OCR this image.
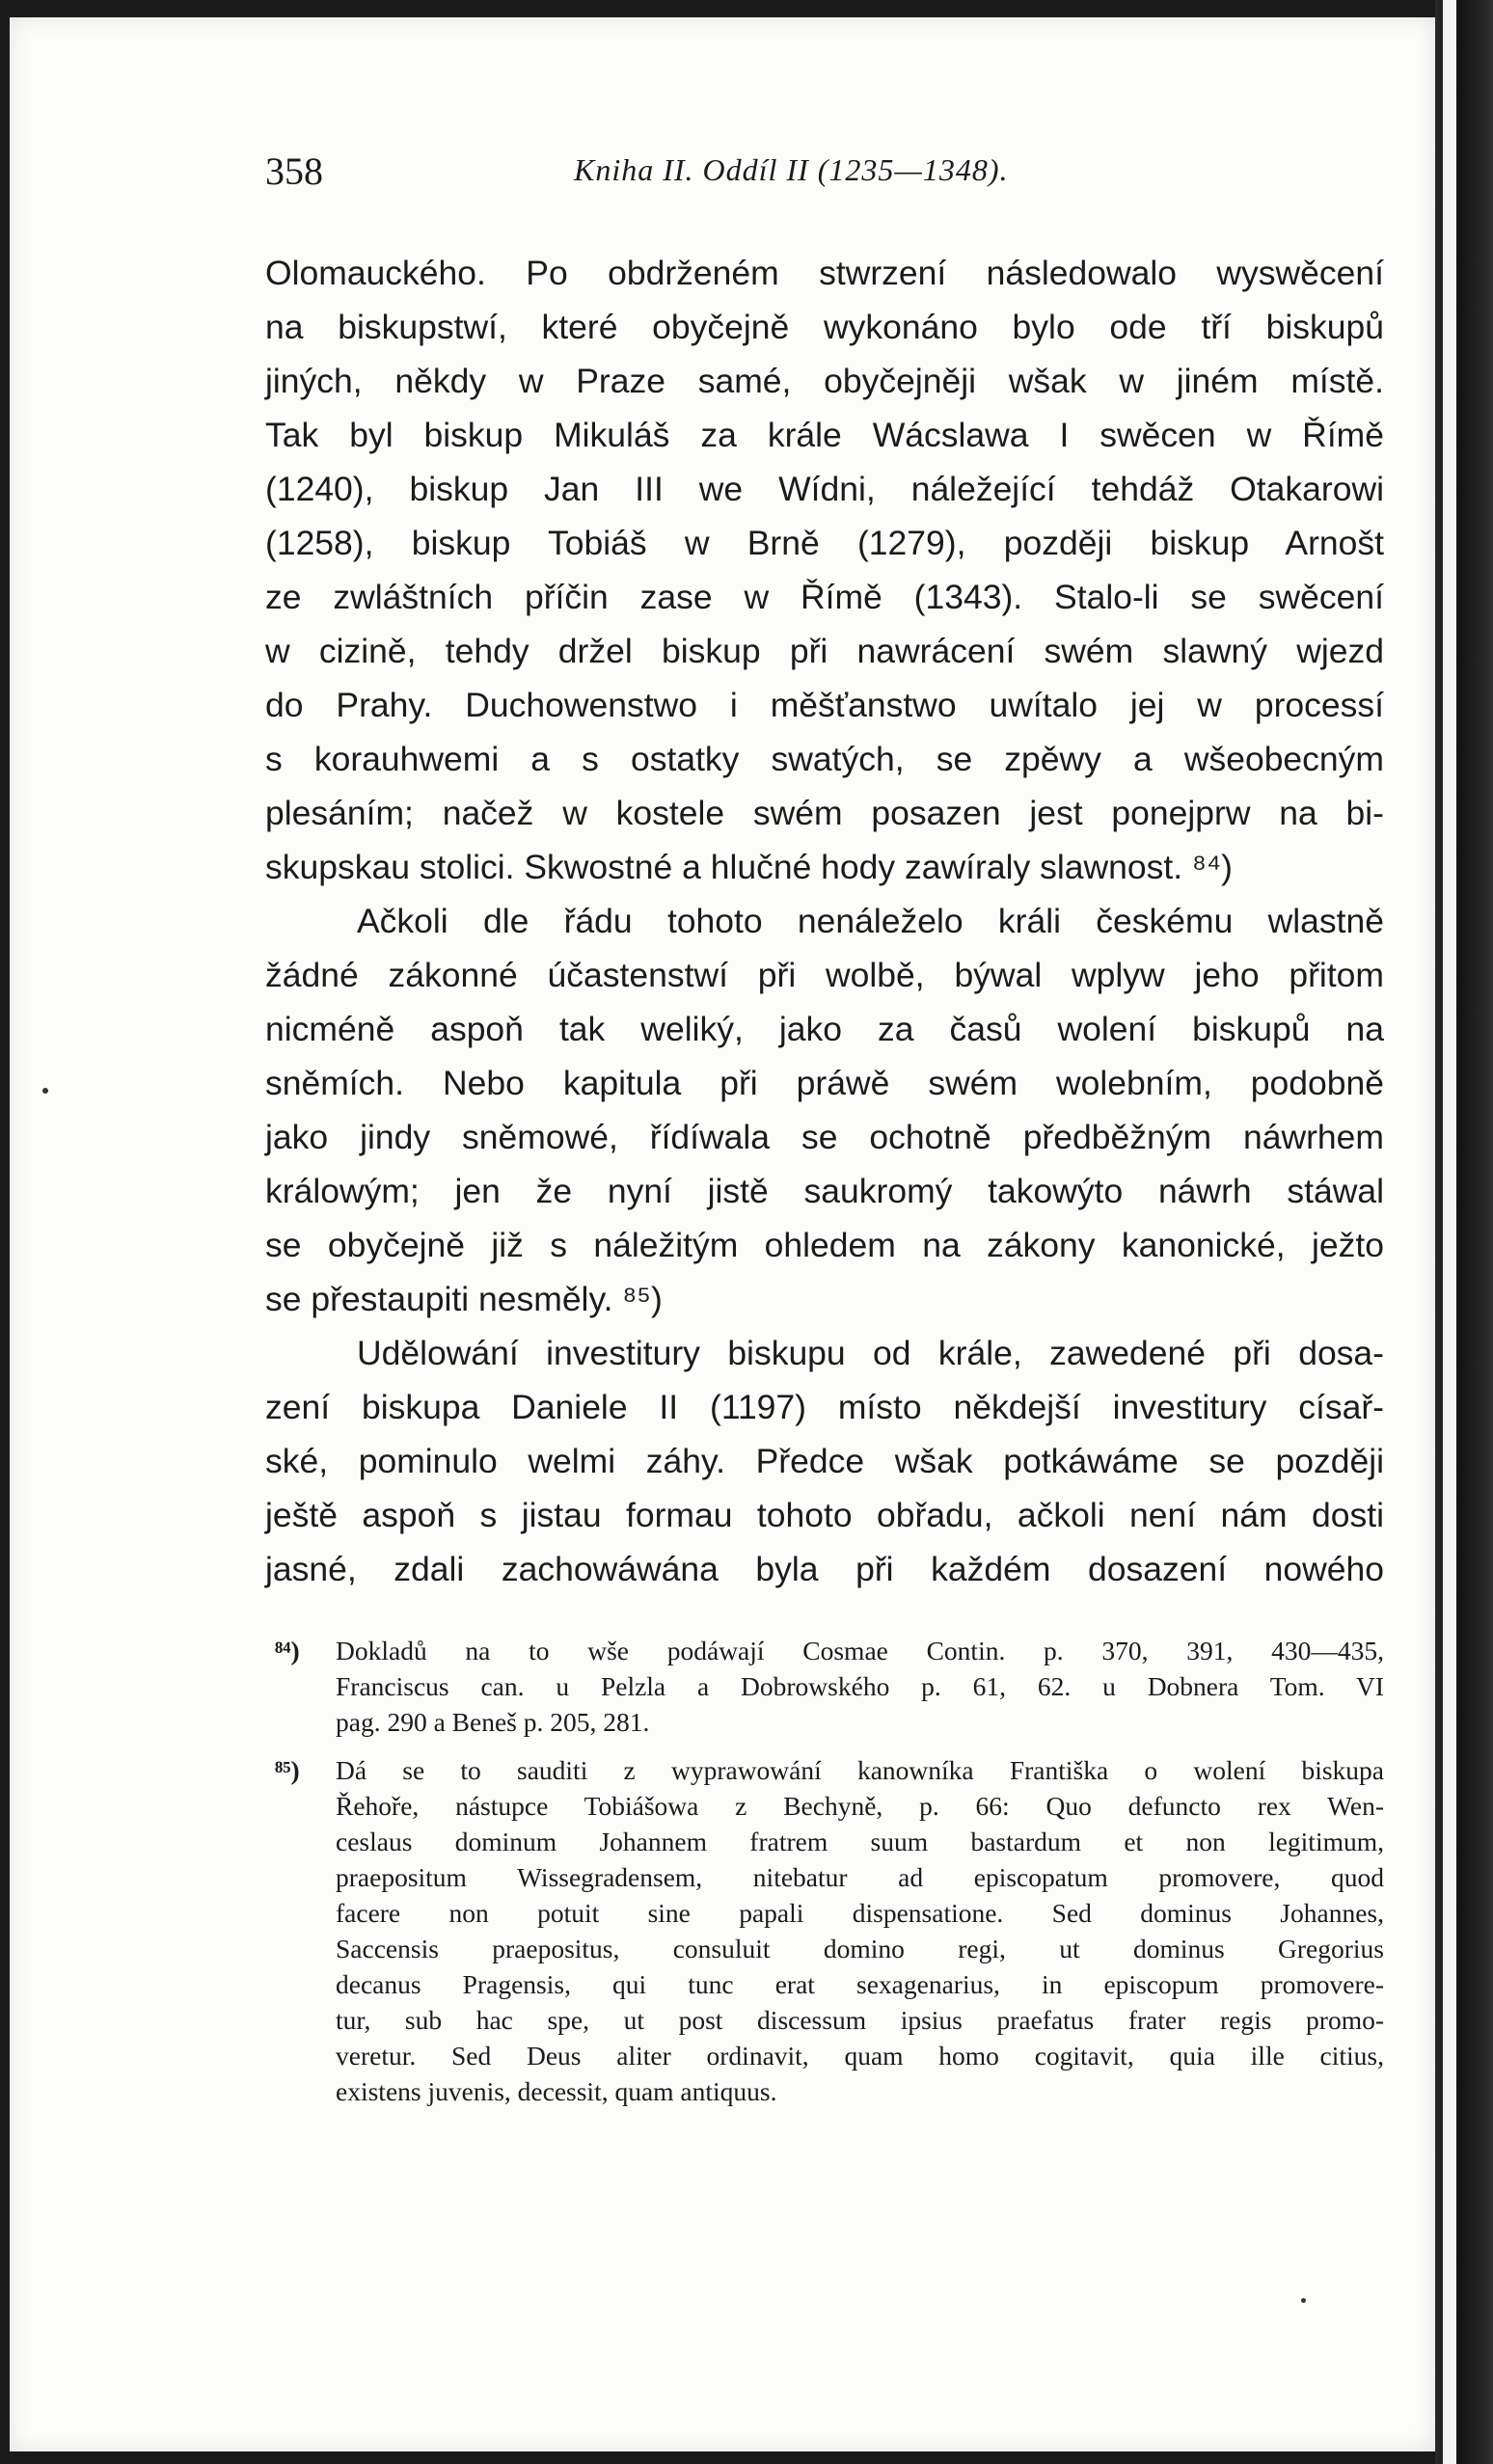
358	Kniha II. Oddíl II (1235—1348).
Olomauckého. Po obdrženém stwrzení následowalo wyswěcení
na biskupstwí, které obyčejně wykonáno bylo ode tří biskupů
jiných, někdy w Praze samé, obyčejněji wšak w jiném místě.
Tak byl biskup Mikuláš za krále Wácslawa I swěcen w Římě
(1240), biskup Jan III we Wídni, náležející tehdáž Otakarowi
(1258), biskup Tobiáš w Brně (1279), později biskup Arnošt
ze zwláštních příčin zase w Římě (1343). Stalo-li se swěcení
w cizině, tehdy držel biskup při nawrácení swém slawný wjezd
do Prahy. Duchowenstwo i měšťanstwo uwítalo jej w processí
s korauhwemi a s ostatky swatých, se zpěwy a wšeobecným
plesáním; načež w kostele swém posazen jest ponejprw na bi-
skupskau stolici. Skwostné a hlučné hody zawíraly slawnost. ⁸⁴)
Ačkoli dle řádu tohoto nenáleželo králi českému wlastně
žádné zákonné účastenstwí při wolbě, býwal wplyw jeho přitom
nicméně aspoň tak weliký, jako za časů wolení biskupů na
sněmích. Nebo kapitula při práwě swém wolebním, podobně
jako jindy sněmowé, řídíwala se ochotně předběžným náwrhem
králowým; jen že nyní jistě saukromý takowýto náwrh stáwal
se obyčejně již s náležitým ohledem na zákony kanonické, ježto
se přestaupiti nesměly. ⁸⁵)
Udělowání investitury biskupu od krále, zawedené při dosa-
zení biskupa Daniele II (1197) místo někdejší investitury císař-
ské, pominulo welmi záhy. Předce wšak potkáwáme se později
ještě aspoň s jistau formau tohoto obřadu, ačkoli není nám dosti
jasné, zdali zachowáwána byla při každém dosazení nowého
⁸⁴) Dokladů na to wše podáwají Cosmae Contin. p. 370, 391, 430—435,
Franciscus can. u Pelzla a Dobrowského p. 61, 62. u Dobnera Tom. VI
pag. 290 a Beneš p. 205, 281.
⁸⁵) Dá se to sauditi z wyprawowání kanowníka Františka o wolení biskupa
Řehoře, nástupce Tobiášowa z Bechyně, p. 66: Quo defuncto rex Wen-
ceslaus dominum Johannem fratrem suum bastardum et non legitimum,
praepositum Wissegradensem, nitebatur ad episcopatum promovere, quod
facere non potuit sine papali dispensatione. Sed dominus Johannes,
Saccensis praepositus, consuluit domino regi, ut dominus Gregorius
decanus Pragensis, qui tunc erat sexagenarius, in episcopum promovere-
tur, sub hac spe, ut post discessum ipsius praefatus frater regis promo-
veretur. Sed Deus aliter ordinavit, quam homo cogitavit, quia ille citius,
existens juvenis, decessit, quam antiquus.
